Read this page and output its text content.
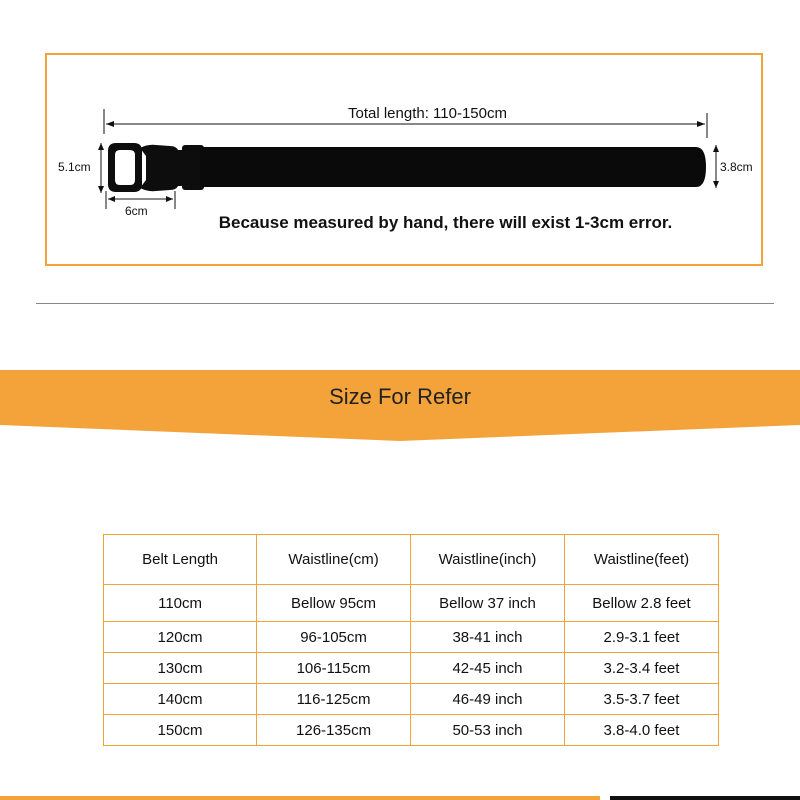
Total length: 110-150cm
5.1cm
6cm
3.8cm
Because measured by hand, there will exist 1-3cm error.
Size For Refer
Belt Length	Waistline(cm)	Waistline(inch)	Waistline(feet)
110cm	Bellow 95cm	Bellow 37 inch	Bellow 2.8 feet
120cm	96-105cm	38-41 inch	2.9-3.1 feet
130cm	106-115cm	42-45 inch	3.2-3.4 feet
140cm	116-125cm	46-49 inch	3.5-3.7 feet
150cm	126-135cm	50-53 inch	3.8-4.0 feet
